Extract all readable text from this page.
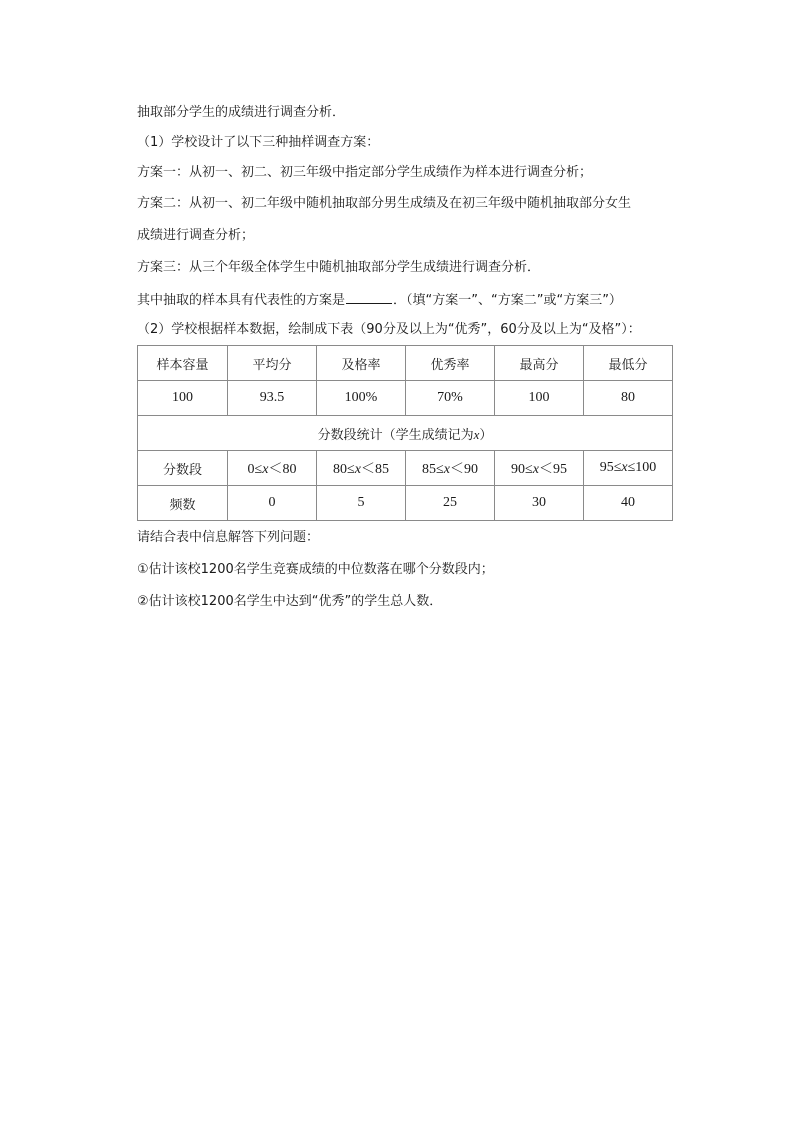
抽取部分学生的成绩进行调查分析．
（1）学校设计了以下三种抽样调查方案：
方案一：从初一、初二、初三年级中指定部分学生成绩作为样本进行调查分析；
方案二：从初一、初二年级中随机抽取部分男生成绩及在初三年级中随机抽取部分女生
成绩进行调查分析；
方案三：从三个年级全体学生中随机抽取部分学生成绩进行调查分析．
其中抽取的样本具有代表性的方案是	．（填“方案一”、“方案二”或“方案三”）
（2）学校根据样本数据，绘制成下表（90分及以上为“优秀”，60分及以上为“及格”）：
样本容量	平均分	及格率	优秀率	最高分	最低分
100	93.5	100%	70%	100	80
分数段统计（学生成绩记为x）					
分数段	0≤x＜80	80≤x＜85	85≤x＜90	90≤x＜95	95≤x≤100
频数	0	5	25	30	40
请结合表中信息解答下列问题：
①估计该校1200名学生竞赛成绩的中位数落在哪个分数段内；
②估计该校1200名学生中达到“优秀”的学生总人数．
